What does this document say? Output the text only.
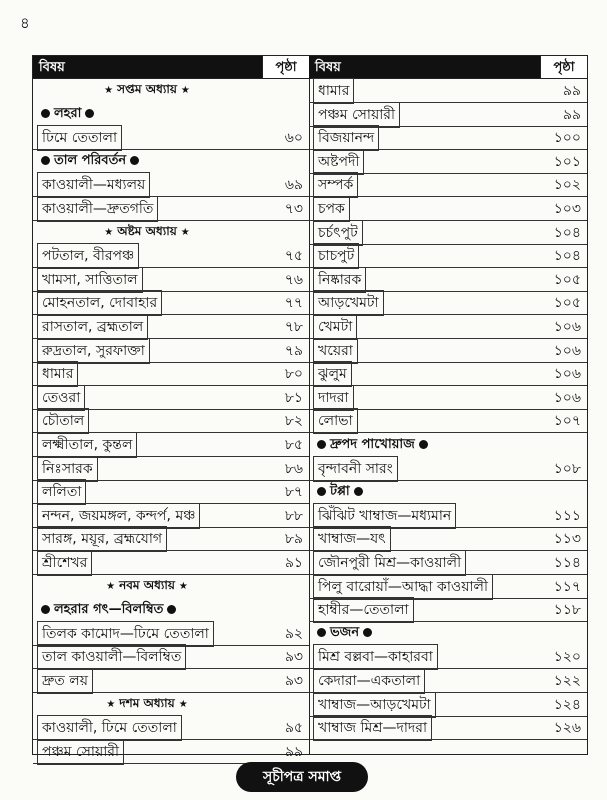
৪
বিষয়	পৃষ্ঠা
★ সপ্তম অধ্যায় ★
লহরা
ঢিমে তেতালা	৬০
তাল পরিবর্তন
কাওয়ালী—মধ্যলয়	৬৯
কাওয়ালী—দ্রুতগতি	৭৩
★ অষ্টম অধ্যায় ★
পটতাল, বীরপঞ্চ	৭৫
খামসা, সাত্তিতাল	৭৬
মোহনতাল, দোবাহার	৭৭
রাসতাল, ব্রহ্মতাল	৭৮
রুদ্রতাল, সুরফাক্তা	৭৯
ধামার	৮০
তেওরা	৮১
চৌতাল	৮২
লক্ষ্মীতাল, কুন্তল	৮৫
নিঃসারক	৮৬
ললিতা	৮৭
নন্দন, জয়মঙ্গল, কন্দর্প, মঞ্চ	৮৮
সারঙ্গ, ময়ূর, ব্রহ্মযোগ	৮৯
শ্রীশেখর	৯১
★ নবম অধ্যায় ★
লহরার গৎ—বিলম্বিত
তিলক কামোদ—ঢিমে তেতালা	৯২
তাল কাওয়ালী—বিলম্বিত	৯৩
দ্রুত লয়	৯৩
★ দশম অধ্যায় ★
কাওয়ালী, ঢিমে তেতালা	৯৫
পঞ্চম সোয়ারী	৯৯
বিষয়	পৃষ্ঠা
ধামার	৯৯
পঞ্চম সোয়ারী	৯৯
বিজয়ানন্দ	১০০
অষ্টপদী	১০১
সম্পর্ক	১০২
চপক	১০৩
চর্চৎপুট	১০৪
চাচপুট	১০৪
নিষ্কারক	১০৫
আড়খেমটা	১০৫
খেমটা	১০৬
খয়েরা	১০৬
ঝুলুম	১০৬
দাদরা	১০৬
লোভা	১০৭
দ্রুপদ পাখোয়াজ
বৃন্দাবনী সারং	১০৮
টপ্পা
ঝিঁঝিট খাম্বাজ—মধ্যমান	১১১
খাম্বাজ—যৎ	১১৩
জৌনপুরী মিশ্র—কাওয়ালী	১১৪
পিলু বারোয়াঁ—আদ্ধা কাওয়ালী	১১৭
হাম্বীর—তেতালা	১১৮
ভজন
মিশ্র বল্লবা—কাহারবা	১২০
কেদারা—একতালা	১২২
খাম্বাজ—আড়খেমটা	১২৪
খাম্বাজ মিশ্র—দাদরা	১২৬
সূচীপত্র সমাপ্ত
